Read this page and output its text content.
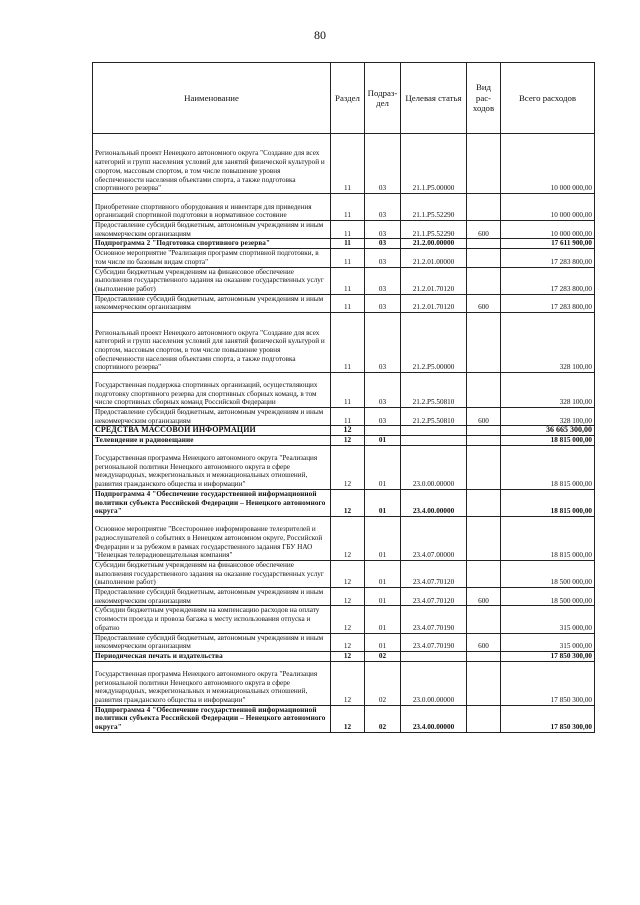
80
Наименование	Раздел	Подраз-дел	Целевая статья	Вид рас-ходов	Всего расходов
Региональный проект Ненецкого автономного округа "Создание для всех категорий и групп населения условий для занятий физической культурой и спортом, массовым спортом, в том числе повышение уровня обеспеченности населения объектами спорта, а также подготовка спортивного резерва"	11	03	21.1.Р5.00000		10 000 000,00
Приобретение спортивного оборудования и инвентаря для приведения организаций спортивной подготовки в нормативное состояние	11	03	21.1.Р5.52290		10 000 000,00
Предоставление субсидий бюджетным, автономным учреждениям и иным некоммерческим организациям	11	03	21.1.Р5.52290	600	10 000 000,00
Подпрограмма 2 "Подготовка спортивного резерва"	11	03	21.2.00.00000		17 611 900,00
Основное мероприятие "Реализация программ спортивной подготовки, в том числе по базовым видам спорта"	11	03	21.2.01.00000		17 283 800,00
Субсидии бюджетным учреждениям на финансовое обеспечение выполнения государственного задания на оказание государственных услуг (выполнение работ)	11	03	21.2.01.70120		17 283 800,00
Предоставление субсидий бюджетным, автономным учреждениям и иным некоммерческим организациям	11	03	21.2.01.70120	600	17 283 800,00
Региональный проект Ненецкого автономного округа "Создание для всех категорий и групп населения условий для занятий физической культурой и спортом, массовым спортом, в том числе повышение уровня обеспеченности населения объектами спорта, а также подготовка спортивного резерва"	11	03	21.2.Р5.00000		328 100,00
Государственная поддержка спортивных организаций, осуществляющих подготовку спортивного резерва для спортивных сборных команд, в том числе спортивных сборных команд Российской Федерации	11	03	21.2.Р5.50810		328 100,00
Предоставление субсидий бюджетным, автономным учреждениям и иным некоммерческим организациям	11	03	21.2.Р5.50810	600	328 100,00
СРЕДСТВА МАССОВОЙ ИНФОРМАЦИИ	12				36 665 300,00
Телевидение и радиовещание	12	01			18 815 000,00
Государственная программа Ненецкого автономного округа "Реализация региональной политики Ненецкого автономного округа в сфере международных, межрегиональных и межнациональных отношений, развития гражданского общества и информации"	12	01	23.0.00.00000		18 815 000,00
Подпрограмма 4 "Обеспечение государственной информационной политики субъекта Российской Федерации – Ненецкого автономного округа"	12	01	23.4.00.00000		18 815 000,00
Основное мероприятие "Всестороннее информирование телезрителей и радиослушателей о событиях в Ненецком автономном округе, Российской Федерации и за рубежом в рамках государственного задания ГБУ НАО "Ненецкая телерадиовещательная компания"	12	01	23.4.07.00000		18 815 000,00
Субсидии бюджетным учреждениям на финансовое обеспечение выполнения государственного задания на оказание государственных услуг (выполнение работ)	12	01	23.4.07.70120		18 500 000,00
Предоставление субсидий бюджетным, автономным учреждениям и иным некоммерческим организациям	12	01	23.4.07.70120	600	18 500 000,00
Субсидии бюджетным учреждениям на компенсацию расходов на оплату стоимости проезда и провоза багажа к месту использования отпуска и обратно	12	01	23.4.07.70190		315 000,00
Предоставление субсидий бюджетным, автономным учреждениям и иным некоммерческим организациям	12	01	23.4.07.70190	600	315 000,00
Периодическая печать и издательства	12	02			17 850 300,00
Государственная программа Ненецкого автономного округа "Реализация региональной политики Ненецкого автономного округа в сфере международных, межрегиональных и межнациональных отношений, развития гражданского общества и информации"	12	02	23.0.00.00000		17 850 300,00
Подпрограмма 4 "Обеспечение государственной информационной политики субъекта Российской Федерации – Ненецкого автономного округа"	12	02	23.4.00.00000		17 850 300,00
